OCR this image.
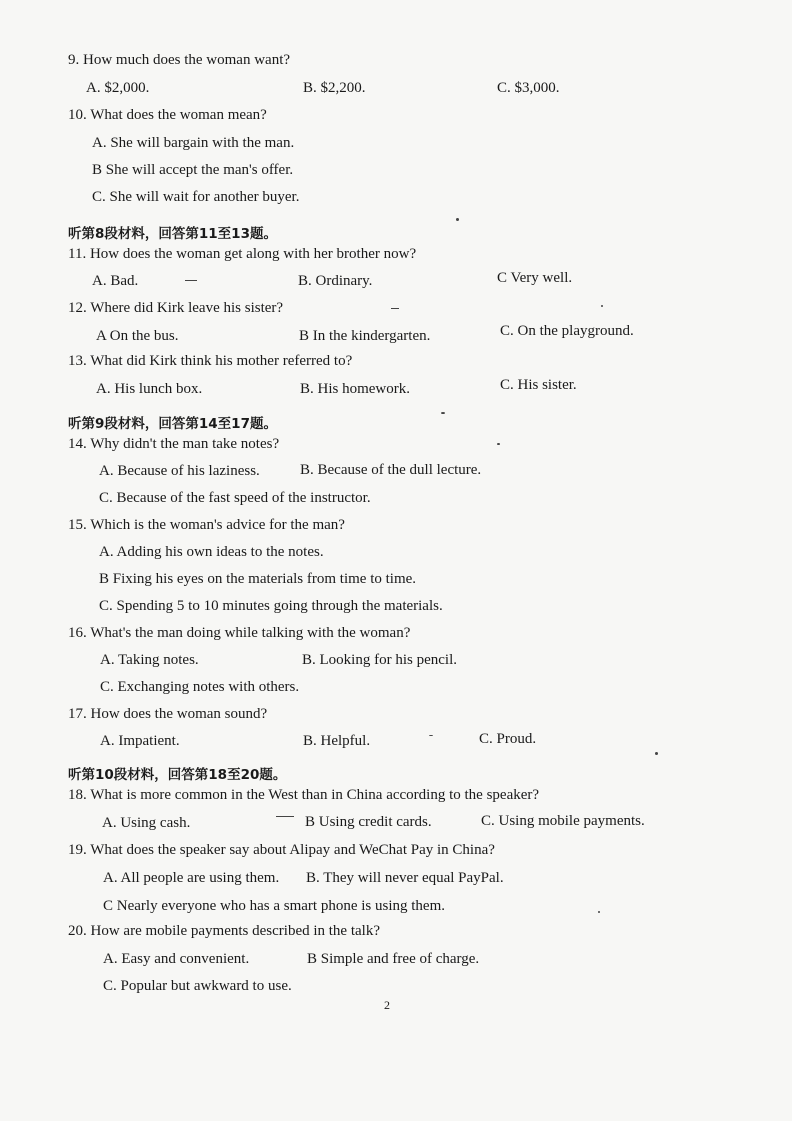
9. How much does the woman want?
A. $2,000.	B. $2,200.	C. $3,000.
10. What does the woman mean?
A. She will bargain with the man.
B She will accept the man's offer.
C. She will wait for another buyer.
听第8段材料，回答第11至13题。
11. How does the woman get along with her brother now?
A. Bad.	B. Ordinary.	C Very well.
12. Where did Kirk leave his sister?
A On the bus.	B In the kindergarten.	C. On the playground.
13. What did Kirk think his mother referred to?
A. His lunch box.	B. His homework.	C. His sister.
听第9段材料，回答第14至17题。
14. Why didn't the man take notes?
A. Because of his laziness.	B. Because of the dull lecture.
C. Because of the fast speed of the instructor.
15. Which is the woman's advice for the man?
A. Adding his own ideas to the notes.
B Fixing his eyes on the materials from time to time.
C. Spending 5 to 10 minutes going through the materials.
16. What's the man doing while talking with the woman?
A. Taking notes.	B. Looking for his pencil.
C. Exchanging notes with others.
17. How does the woman sound?
A. Impatient.	B. Helpful.	C. Proud.
听第10段材料，回答第18至20题。
18. What is more common in the West than in China according to the speaker?
A. Using cash.	B Using credit cards.	C. Using mobile payments.
19. What does the speaker say about Alipay and WeChat Pay in China?
A. All people are using them. B. They will never equal PayPal.
C Nearly everyone who has a smart phone is using them.
20. How are mobile payments described in the talk?
A. Easy and convenient.	B Simple and free of charge.
C. Popular but awkward to use.
2
